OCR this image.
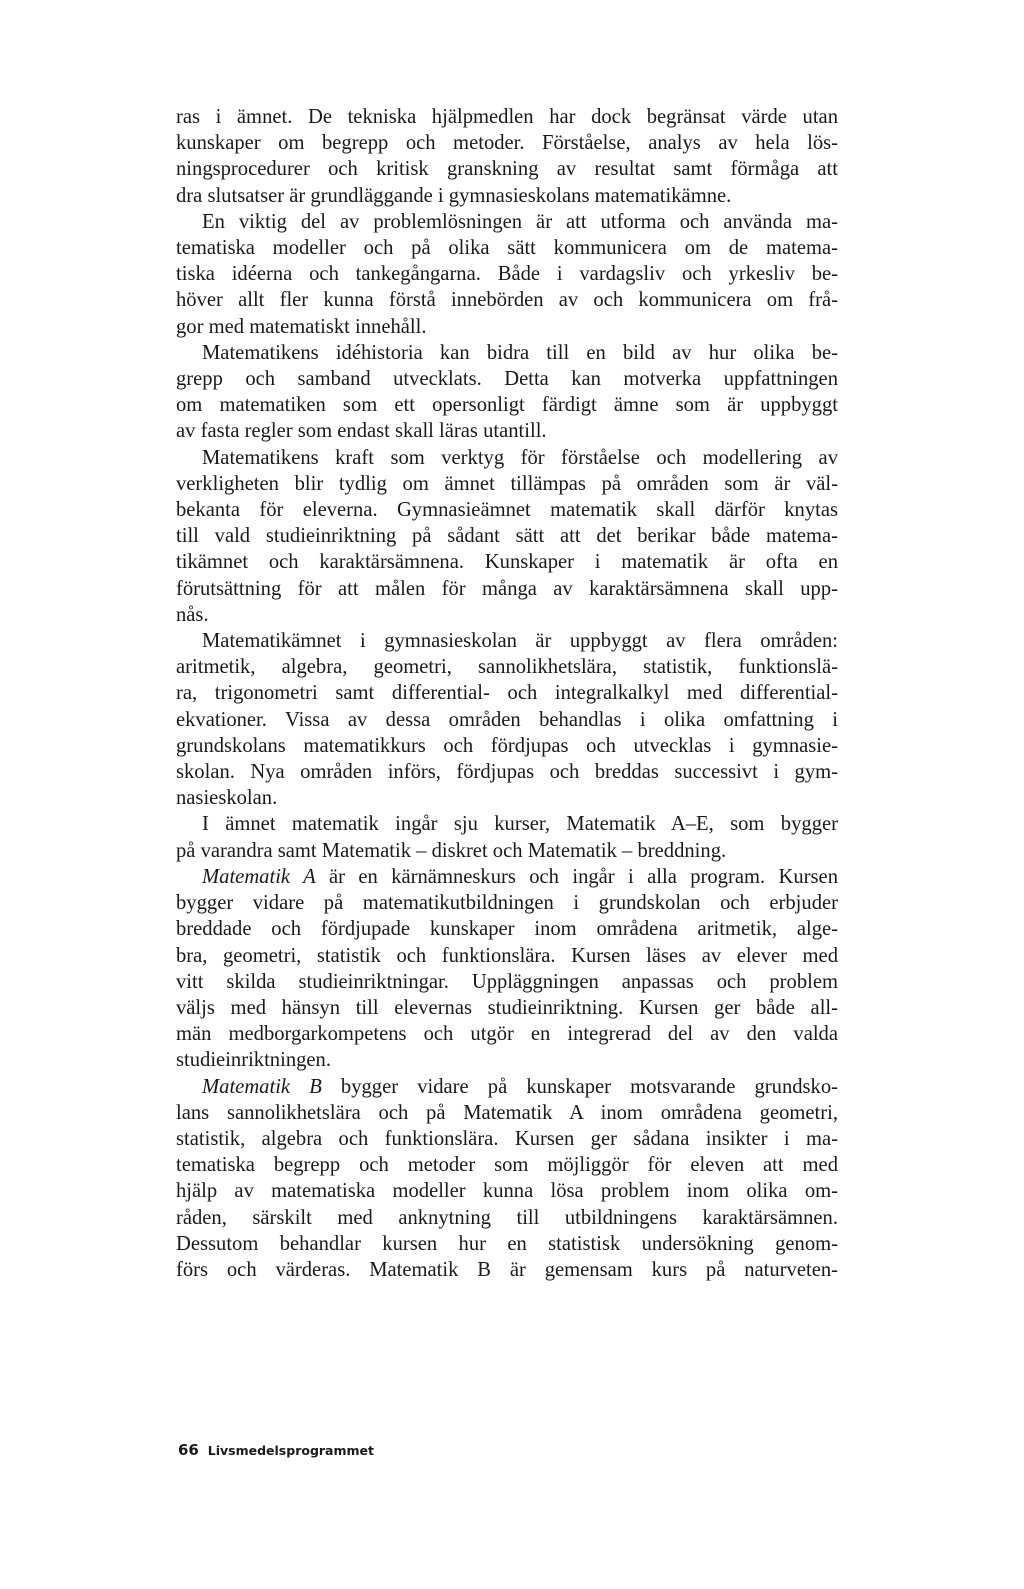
ras i ämnet. De tekniska hjälpmedlen har dock begränsat värde utan
kunskaper om begrepp och metoder. Förståelse, analys av hela lös-
ningsprocedurer och kritisk granskning av resultat samt förmåga att
dra slutsatser är grundläggande i gymnasieskolans matematikämne.
En viktig del av problemlösningen är att utforma och använda ma-
tematiska modeller och på olika sätt kommunicera om de matema-
tiska idéerna och tankegångarna. Både i vardagsliv och yrkesliv be-
höver allt fler kunna förstå innebörden av och kommunicera om frå-
gor med matematiskt innehåll.
Matematikens idéhistoria kan bidra till en bild av hur olika be-
grepp och samband utvecklats. Detta kan motverka uppfattningen
om matematiken som ett opersonligt färdigt ämne som är uppbyggt
av fasta regler som endast skall läras utantill.
Matematikens kraft som verktyg för förståelse och modellering av
verkligheten blir tydlig om ämnet tillämpas på områden som är väl-
bekanta för eleverna. Gymnasieämnet matematik skall därför knytas
till vald studieinriktning på sådant sätt att det berikar både matema-
tikämnet och karaktärsämnena. Kunskaper i matematik är ofta en
förutsättning för att målen för många av karaktärsämnena skall upp-
nås.
Matematikämnet i gymnasieskolan är uppbyggt av flera områden:
aritmetik, algebra, geometri, sannolikhetslära, statistik, funktionslä-
ra, trigonometri samt differential- och integralkalkyl med differential-
ekvationer. Vissa av dessa områden behandlas i olika omfattning i
grundskolans matematikkurs och fördjupas och utvecklas i gymnasie-
skolan. Nya områden införs, fördjupas och breddas successivt i gym-
nasieskolan.
I ämnet matematik ingår sju kurser, Matematik A–E, som bygger
på varandra samt Matematik – diskret och Matematik – breddning.
Matematik A är en kärnämneskurs och ingår i alla program. Kursen
bygger vidare på matematikutbildningen i grundskolan och erbjuder
breddade och fördjupade kunskaper inom områdena aritmetik, alge-
bra, geometri, statistik och funktionslära. Kursen läses av elever med
vitt skilda studieinriktningar. Uppläggningen anpassas och problem
väljs med hänsyn till elevernas studieinriktning. Kursen ger både all-
män medborgarkompetens och utgör en integrerad del av den valda
studieinriktningen.
Matematik B bygger vidare på kunskaper motsvarande grundsko-
lans sannolikhetslära och på Matematik A inom områdena geometri,
statistik, algebra och funktionslära. Kursen ger sådana insikter i ma-
tematiska begrepp och metoder som möjliggör för eleven att med
hjälp av matematiska modeller kunna lösa problem inom olika om-
råden, särskilt med anknytning till utbildningens karaktärsämnen.
Dessutom behandlar kursen hur en statistisk undersökning genom-
förs och värderas. Matematik B är gemensam kurs på naturveten-
66 Livsmedelsprogrammet
